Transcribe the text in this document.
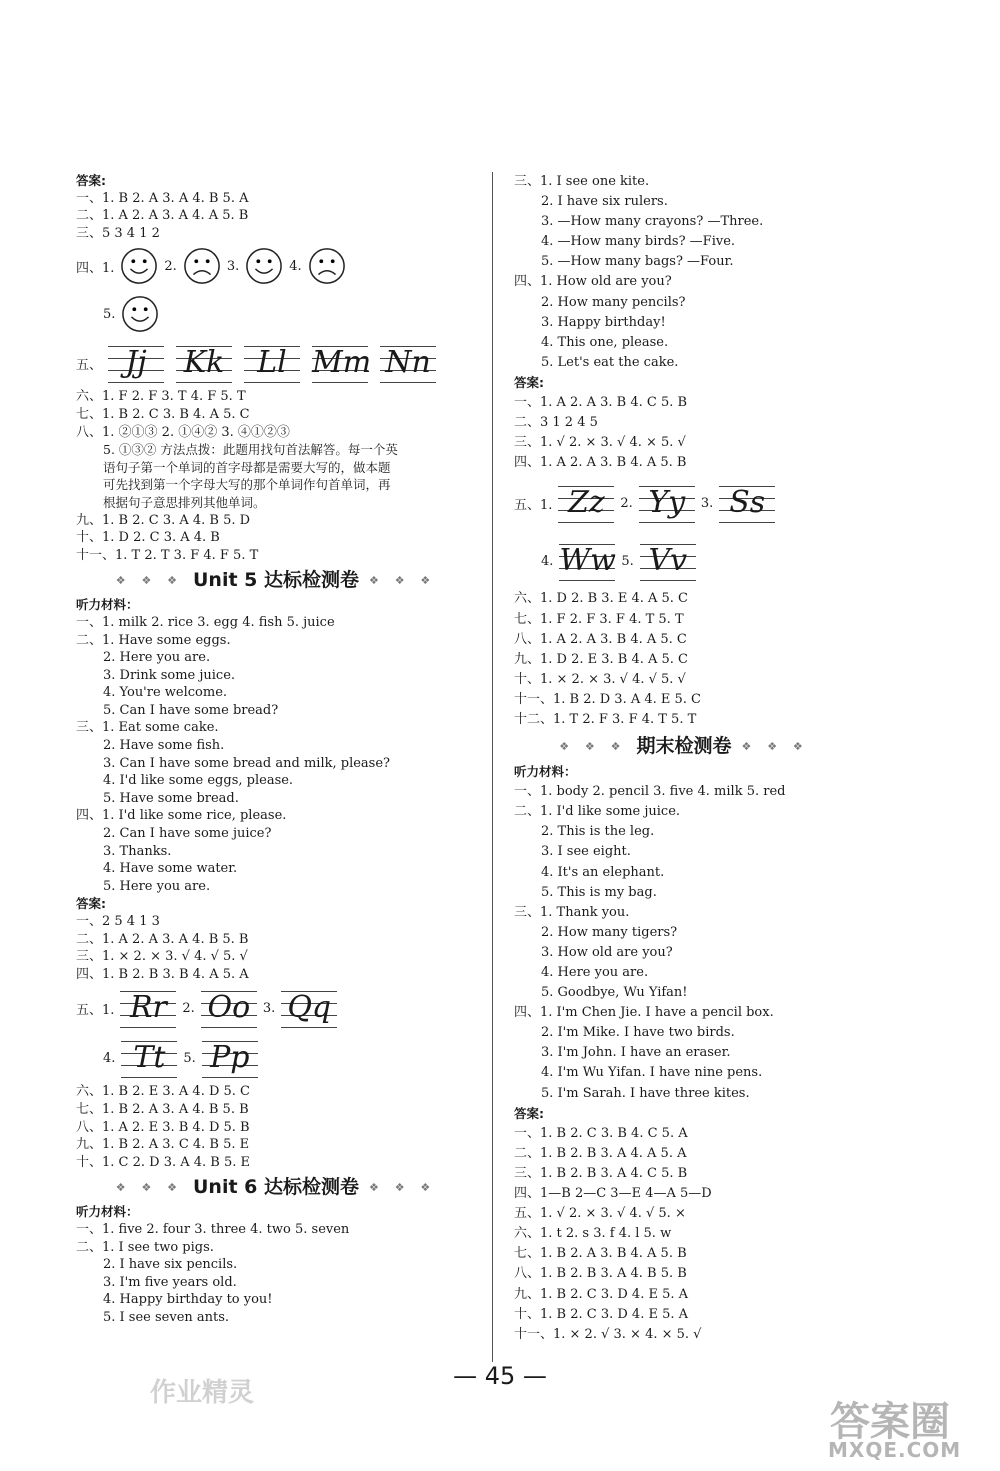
答案:
一、1. B 2. A 3. A 4. B 5. A
二、1. A 2. A 3. A 4. A 5. B
三、5 3 4 1 2
四、1.	2.	3.	4.
5.
五、 Jj	Kk	Ll Mm Nn
六、1. F 2. F 3. T 4. F 5. T
七、1. B 2. C 3. B 4. A 5. C
八、1. ②①③ 2. ①④② 3. ④①②③
5. ①③② 方法点拨：此题用找句首法解答。每一个英
语句子第一个单词的首字母都是需要大写的，做本题
可先找到第一个字母大写的那个单词作句首单词，再
根据句子意思排列其他单词。
九、1. B 2. C 3. A 4. B 5. D
十、1. D 2. C 3. A 4. B
十一、1. T 2. T 3. F 4. F 5. T
❖ ❖ ❖ Unit 5 达标检测卷 ❖ ❖ ❖
听力材料：
一、1. milk 2. rice 3. egg 4. fish 5. juice
二、1. Have some eggs.
2. Here you are.
3. Drink some juice.
4. You're welcome.
5. Can I have some bread?
三、1. Eat some cake.
2. Have some fish.
3. Can I have some bread and milk, please?
4. I'd like some eggs, please.
5. Have some bread.
四、1. I'd like some rice, please.
2. Can I have some juice?
3. Thanks.
4. Have some water.
5. Here you are.
答案:
一、2 5 4 1 3
二、1. A 2. A 3. A 4. B 5. B
三、1. × 2. × 3. √ 4. √ 5. √
四、1. B 2. B 3. B 4. A 5. A
五、1. Rr	2. Oo 3. Qq
4. Tt	5. Pp
六、1. B 2. E 3. A 4. D 5. C
七、1. B 2. A 3. A 4. B 5. B
八、1. A 2. E 3. B 4. D 5. B
九、1. B 2. A 3. C 4. B 5. E
十、1. C 2. D 3. A 4. B 5. E
❖ ❖ ❖ Unit 6 达标检测卷 ❖ ❖ ❖
听力材料：
一、1. five 2. four 3. three 4. two 5. seven
二、1. I see two pigs.
2. I have six pencils.
3. I'm five years old.
4. Happy birthday to you!
5. I see seven ants.
三、1. I see one kite.
2. I have six rulers.
3. —How many crayons? —Three.
4. —How many birds? —Five.
5. —How many bags? —Four.
四、1. How old are you?
2. How many pencils?
3. Happy birthday!
4. This one, please.
5. Let's eat the cake.
答案:
一、1. A 2. A 3. B 4. C 5. B
二、3 1 2 4 5
三、1. √ 2. × 3. √ 4. × 5. √
四、1. A 2. A 3. B 4. A 5. B
五、1. Zz	2. Yy	3. Ss
4. Ww 5. Vv
六、1. D 2. B 3. E 4. A 5. C
七、1. F 2. F 3. F 4. T 5. T
八、1. A 2. A 3. B 4. A 5. C
九、1. D 2. E 3. B 4. A 5. C
十、1. × 2. × 3. √ 4. √ 5. √
十一、1. B 2. D 3. A 4. E 5. C
十二、1. T 2. F 3. F 4. T 5. T
❖ ❖ ❖ 期末检测卷 ❖ ❖ ❖
听力材料：
一、1. body 2. pencil 3. five 4. milk 5. red
二、1. I'd like some juice.
2. This is the leg.
3. I see eight.
4. It's an elephant.
5. This is my bag.
三、1. Thank you.
2. How many tigers?
3. How old are you?
4. Here you are.
5. Goodbye, Wu Yifan!
四、1. I'm Chen Jie. I have a pencil box.
2. I'm Mike. I have two birds.
3. I'm John. I have an eraser.
4. I'm Wu Yifan. I have nine pens.
5. I'm Sarah. I have three kites.
答案:
一、1. B 2. C 3. B 4. C 5. A
二、1. B 2. B 3. A 4. A 5. A
三、1. B 2. B 3. A 4. C 5. B
四、1—B 2—C 3—E 4—A 5—D
五、1. √ 2. × 3. √ 4. √ 5. ×
六、1. t 2. s 3. f 4. l 5. w
七、1. B 2. A 3. B 4. A 5. B
八、1. B 2. B 3. A 4. B 5. B
九、1. B 2. C 3. D 4. E 5. A
十、1. B 2. C 3. D 4. E 5. A
十一、1. × 2. √ 3. × 4. × 5. √
— 45 —
作业精灵
答案圈
MXQE.COM
